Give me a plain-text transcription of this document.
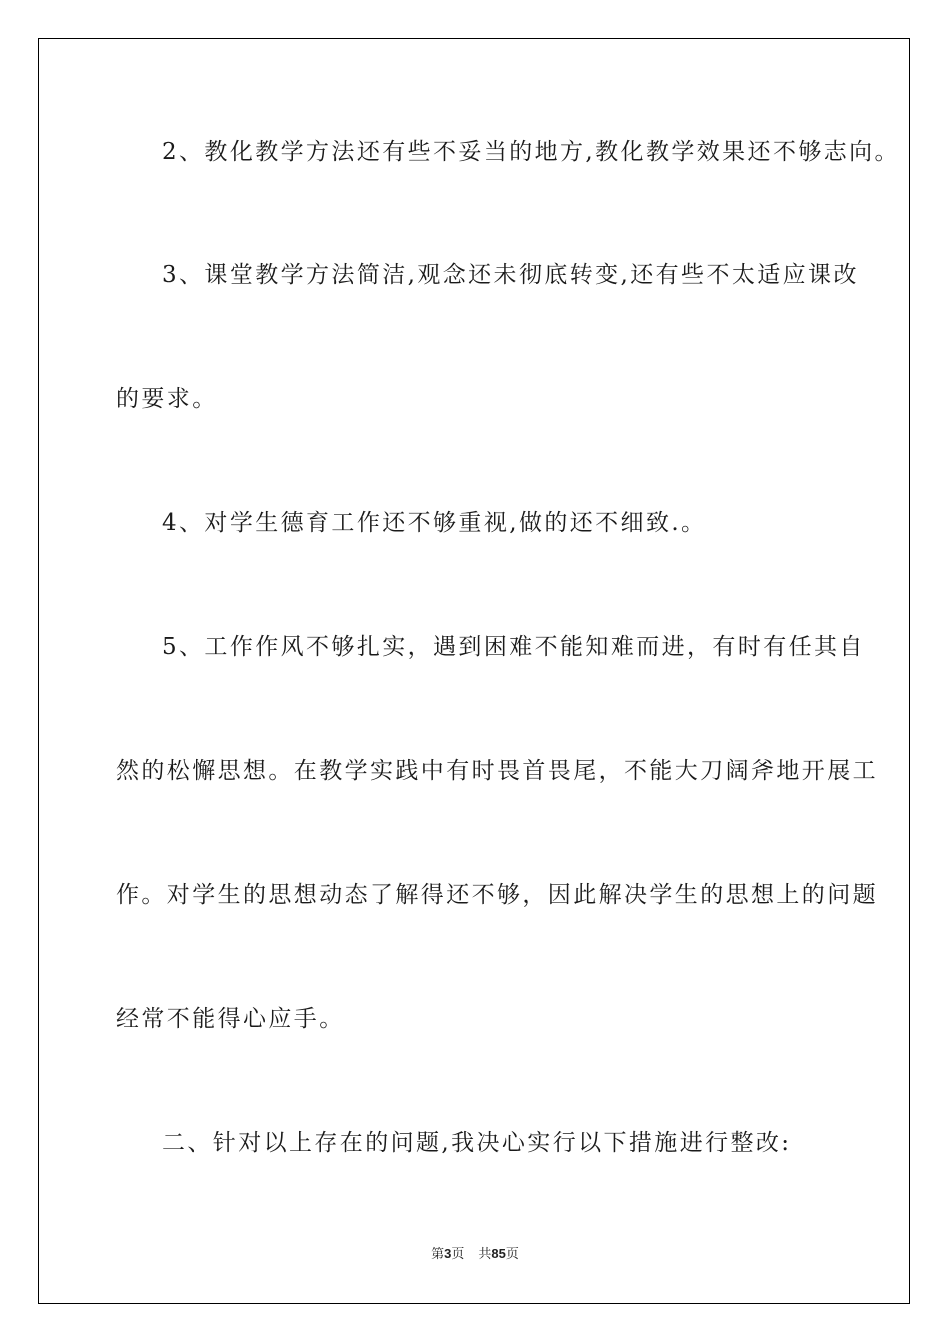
2、教化教学方法还有些不妥当的地方,教化教学效果还不够志向。
3、课堂教学方法简洁,观念还未彻底转变,还有些不太适应课改
的要求。
4、对学生德育工作还不够重视,做的还不细致.。
5、工作作风不够扎实，遇到困难不能知难而进，有时有任其自
然的松懈思想。在教学实践中有时畏首畏尾，不能大刀阔斧地开展工
作。对学生的思想动态了解得还不够，因此解决学生的思想上的问题
经常不能得心应手。
二、针对以上存在的问题,我决心实行以下措施进行整改:
第3页 共85页
